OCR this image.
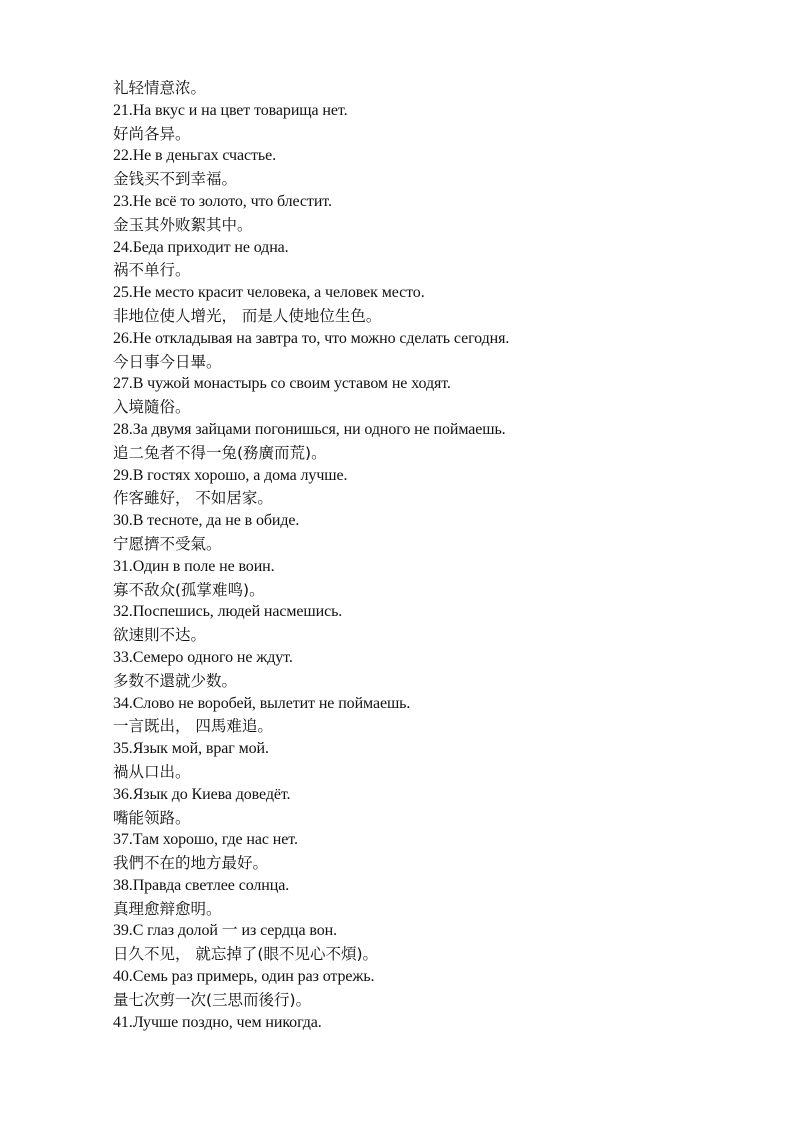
礼轻情意浓。

21.На вкус и на цвет товарища нет.

好尚各异。

22.Не в деньгах счастье.

金钱买不到幸福。

23.Не всё то золото, что блестит.

金玉其外败絮其中。

24.Беда приходит не одна.

祸不单行。

25.Не место красит человека, а человек место.

非地位使人增光， 而是人使地位生色。

26.Не откладывая на завтра то, что можно сделать сегодня.

今日事今日畢。

27.В чужой монастырь со своим уставом не ходят.

入境隨俗。

28.За двумя зайцами погонишься, ни одного не поймаешь.

追二兔者不得一兔(務廣而荒)。

29.В гостях хорошо, а дома лучше.

作客雖好， 不如居家。

30.В тесноте, да не в обиде.

宁愿擠不受氣。

31.Один в поле не воин.

寡不敌众(孤掌难鸣)。

32.Поспешись, людей насмешись.

欲速則不达。

33.Семеро одного не ждут.

多数不還就少数。

34.Слово не воробей, вылетит не поймаешь.

一言既出， 四馬难追。

35.Язык мой, враг мой.

禍从口出。

36.Язык до Киева доведёт.

嘴能领路。

37.Там хорошо, где нас нет.

我們不在的地方最好。

38.Правда светлее солнца.

真理愈辩愈明。

39.С глаз долой 一 из сердца вон.

日久不见， 就忘掉了(眼不见心不煩)。

40.Семь раз примерь, один раз отрежь.

量七次剪一次(三思而後行)。

41.Лучше поздно, чем никогда.
